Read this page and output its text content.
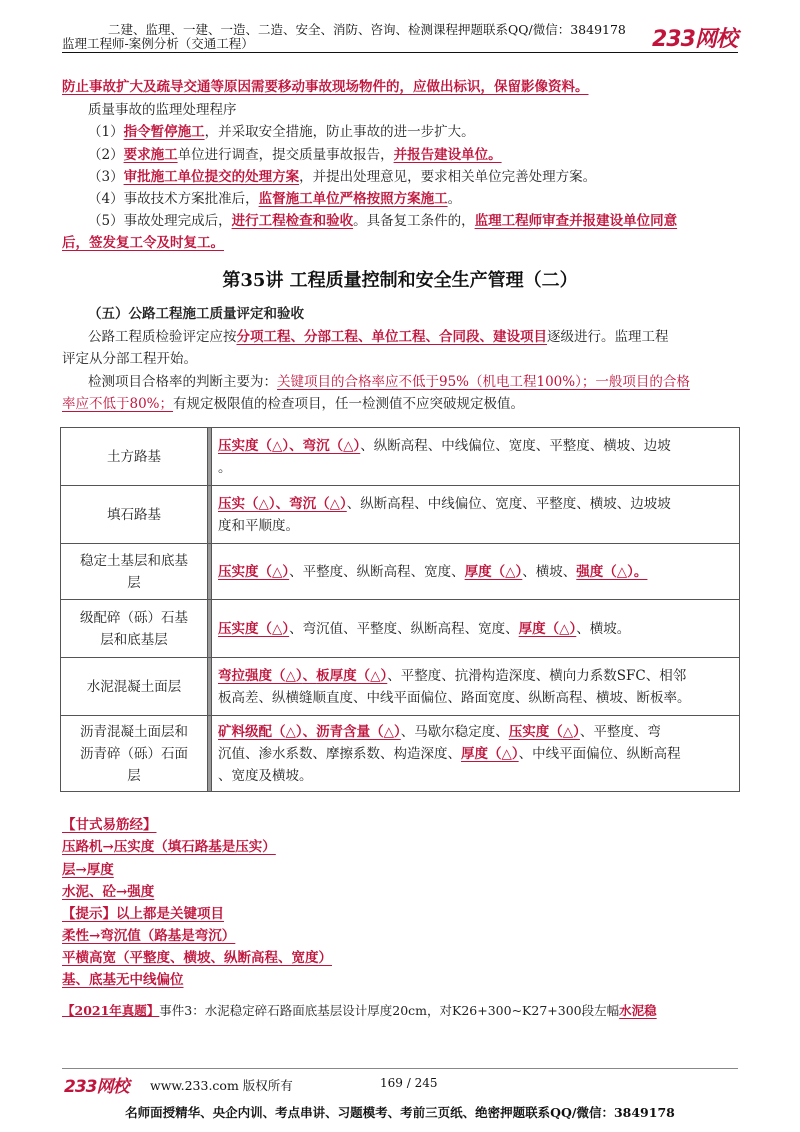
二建、监理、一建、一造、二造、安全、消防、咨询、检测课程押题联系QQ/微信：3849178
监理工程师-案例分析（交通工程）	233网校
防止事故扩大及疏导交通等原因需要移动事故现场物件的，应做出标识，保留影像资料。
质量事故的监理处理程序
（1）指令暂停施工，并采取安全措施，防止事故的进一步扩大。
（2）要求施工单位进行调查，提交质量事故报告，并报告建设单位。
（3）审批施工单位提交的处理方案，并提出处理意见，要求相关单位完善处理方案。
（4）事故技术方案批准后，监督施工单位严格按照方案施工。
（5）事故处理完成后，进行工程检查和验收。具备复工条件的，监理工程师审查并报建设单位同意
后，签发复工令及时复工。
第35讲 工程质量控制和安全生产管理（二）
（五）公路工程施工质量评定和验收
公路工程质检验评定应按分项工程、分部工程、单位工程、合同段、建设项目逐级进行。监理工程
评定从分部工程开始。
检测项目合格率的判断主要为：关键项目的合格率应不低于95%（机电工程100%）；一般项目的合格
率应不低于80%；有规定极限值的检查项目，任一检测值不应突破规定极值。
土方路基		压实度（△）、弯沉（△）、纵断高程、中线偏位、宽度、平整度、横坡、边坡
。
填石路基		压实（△）、弯沉（△）、纵断高程、中线偏位、宽度、平整度、横坡、边坡坡
度和平顺度。
稳定土基层和底基
层		压实度（△）、平整度、纵断高程、宽度、厚度（△）、横坡、强度（△）。
级配碎（砾）石基
层和底基层		压实度（△）、弯沉值、平整度、纵断高程、宽度、厚度（△）、横坡。
水泥混凝土面层		弯拉强度（△）、板厚度（△）、平整度、抗滑构造深度、横向力系数SFC、相邻
板高差、纵横缝顺直度、中线平面偏位、路面宽度、纵断高程、横坡、断板率。
沥青混凝土面层和
沥青碎（砾）石面
层		矿料级配（△）、沥青含量（△）、马歇尔稳定度、压实度（△）、平整度、弯
沉值、渗水系数、摩擦系数、构造深度、厚度（△）、中线平面偏位、纵断高程
、宽度及横坡。
【甘式易筋经】
压路机→压实度（填石路基是压实）
层→厚度
水泥、砼→强度
【提示】以上都是关键项目
柔性→弯沉值（路基是弯沉）
平横高宽（平整度、横坡、纵断高程、宽度）
基、底基无中线偏位
【2021年真题】事件3：水泥稳定碎石路面底基层设计厚度20cm，对K26+300~K27+300段左幅水泥稳
233网校 www.233.com 版权所有	169 / 245
名师面授精华、央企内训、考点串讲、习题模考、考前三页纸、绝密押题联系QQ/微信：3849178
